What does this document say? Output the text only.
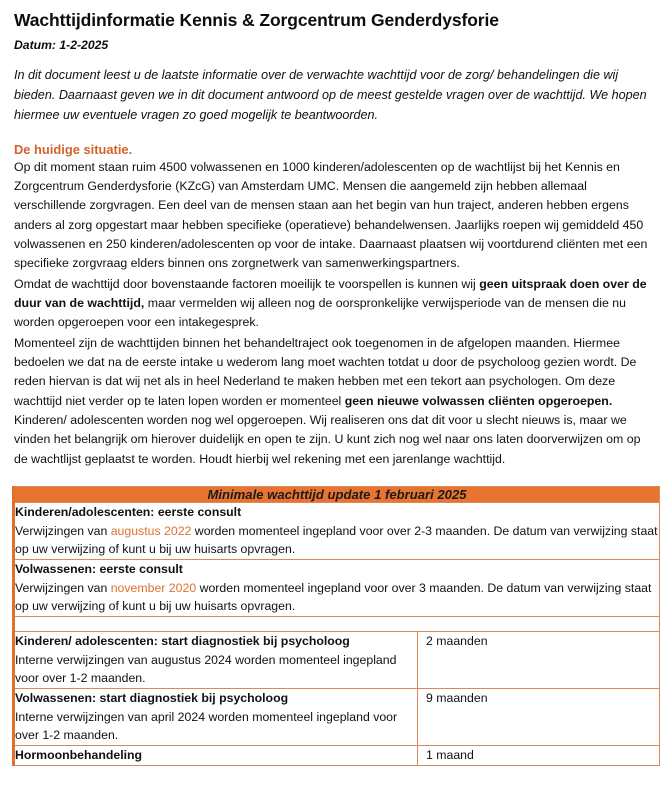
Wachttijdinformatie Kennis & Zorgcentrum Genderdysforie
Datum: 1-2-2025

In dit document leest u de laatste informatie over de verwachte wachttijd voor de zorg/ behandelingen die wij bieden. Daarnaast geven we in dit document antwoord op de meest gestelde vragen over de wachttijd. We hopen hiermee uw eventuele vragen zo goed mogelijk te beantwoorden.

De huidige situatie.

Op dit moment staan ruim 4500 volwassenen en 1000 kinderen/adolescenten op de wachtlijst bij het Kennis en Zorgcentrum Genderdysforie (KZcG) van Amsterdam UMC. Mensen die aangemeld zijn hebben allemaal verschillende zorgvragen. Een deel van de mensen staan aan het begin van hun traject, anderen hebben ergens anders al zorg opgestart maar hebben specifieke (operatieve) behandelwensen. Jaarlijks roepen wij gemiddeld 450 volwassenen en 250 kinderen/adolescenten op voor de intake. Daarnaast plaatsen wij voortdurend cliënten met een specifieke zorgvraag elders binnen ons zorgnetwerk van samenwerkingspartners.

Omdat de wachttijd door bovenstaande factoren moeilijk te voorspellen is kunnen wij geen uitspraak doen over de duur van de wachttijd, maar vermelden wij alleen nog de oorspronkelijke verwijsperiode van de mensen die nu worden opgeroepen voor een intakegesprek.

Momenteel zijn de wachttijden binnen het behandeltraject ook toegenomen in de afgelopen maanden. Hiermee bedoelen we dat na de eerste intake u wederom lang moet wachten totdat u door de psycholoog gezien wordt. De reden hiervan is dat wij net als in heel Nederland te maken hebben met een tekort aan psychologen. Om deze wachttijd niet verder op te laten lopen worden er momenteel geen nieuwe volwassen cliënten opgeroepen. Kinderen/ adolescenten worden nog wel opgeroepen. Wij realiseren ons dat dit voor u slecht nieuws is, maar we vinden het belangrijk om hierover duidelijk en open te zijn. U kunt zich nog wel naar ons laten doorverwijzen om op de wachtlijst geplaatst te worden. Houdt hierbij wel rekening met een jarenlange wachttijd.

Minimale wachttijd update 1 februari 2025	

Kinderen/adolescenten: eerste consult
Verwijzingen van augustus 2022 worden momenteel ingepland voor over 2-3 maanden. De datum van verwijzing staat op uw verwijzing of kunt u bij uw huisarts opvragen.	

Volwassenen: eerste consult
Verwijzingen van november 2020 worden momenteel ingepland voor over 3 maanden. De datum van verwijzing staat op uw verwijzing of kunt u bij uw huisarts opvragen.	

Kinderen/ adolescenten: start diagnostiek bij psycholoog
Interne verwijzingen van augustus 2024 worden momenteel ingepland voor over 1-2 maanden.	2 maanden

Volwassenen: start diagnostiek bij psycholoog
Interne verwijzingen van april 2024 worden momenteel ingepland voor over 1-2 maanden.	9 maanden

Hormoonbehandeling	1 maand
